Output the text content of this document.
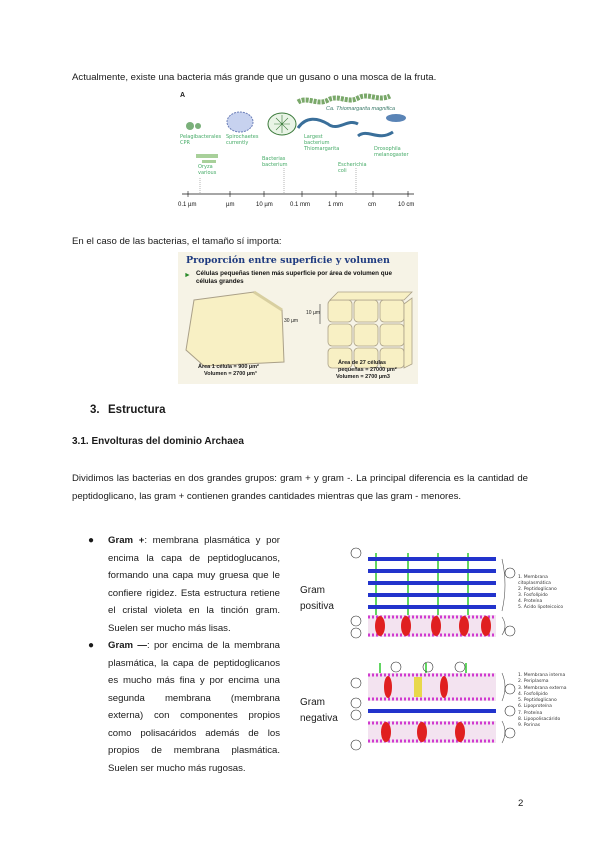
Actualmente, existe una bacteria más grande que un gusano o una mosca de la fruta.
A
Ca. Thiomargarita magnifica
Pelagibacterales
CPR
Spirochaetes
currently
Oryza
various
Bacterias
bacterium
Largest bacterium
Thiomargarita
Escherichia
coli
Drosophila
melanogaster
0.1 µm	µm	10 µm	0.1 mm	1 mm	cm	10 cm
En el caso de las bacterias, el tamaño sí importa:
Proporción entre superficie y volumen
► Células pequeñas tienen más superficie por área de volumen que células grandes
30 µm
10 µm
Área 1 célula = 900 µm²
Volumen = 2700 µm³
Área de 27 células
pequeñas = 27000 µm²
Volumen = 2700 µm3
3. Estructura
3.1. Envolturas del dominio Archaea
Dividimos las bacterias en dos grandes grupos: gram + y gram -. La principal diferencia es la cantidad de peptidoglicano, las gram + contienen grandes cantidades mientras que las gram - menores.
● Gram +: membrana plasmática y por encima la capa de peptidoglucanos, formando una capa muy gruesa que le confiere rigidez. Esta estructura retiene el cristal violeta en la tinción gram. Suelen ser mucho más lisas.
● Gram —: por encima de la membrana plasmática, la capa de peptidoglicanos es mucho más fina y por encima una segunda membrana (membrana externa) con componentes propios como polisacáridos además de los propios de membrana plasmática. Suelen ser mucho más rugosas.
Gram
positiva
Gram
negativa
1. Membrana citoplasmática
2. Peptidoglicano
3. Fosfolípido
4. Proteína
5. Ácido lipoteicoico
1. Membrana interna
2. Periplasma
3. Membrana externa
4. Fosfolípido
5. Peptidoglicano
6. Lipoproteína
7. Proteína
8. Lipopolisacárido
9. Porinas
2
